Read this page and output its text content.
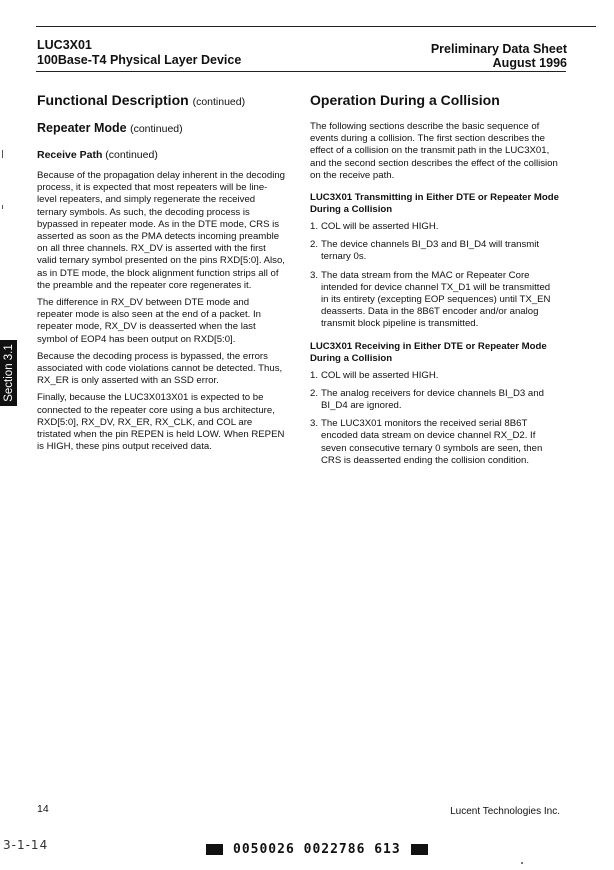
LUC3X01
100Base-T4 Physical Layer Device
Preliminary Data Sheet
August 1996
Section 3.1
Functional Description (continued)
Repeater Mode (continued)
Receive Path (continued)

Because of the propagation delay inherent in the decoding process, it is expected that most repeaters will be line-level repeaters, and simply regenerate the received ternary symbols. As such, the decoding process is bypassed in repeater mode. As in the DTE mode, CRS is asserted as soon as the PMA detects incoming preamble on all three channels. RX_DV is asserted with the first valid ternary symbol presented on the pins RXD[5:0]. Also, as in DTE mode, the block alignment function strips all of the preamble and the repeater core regenerates it.

The difference in RX_DV between DTE mode and repeater mode is also seen at the end of a packet. In repeater mode, RX_DV is deasserted when the last symbol of EOP4 has been output on RXD[5:0].

Because the decoding process is bypassed, the errors associated with code violations cannot be detected. Thus, RX_ER is only asserted with an SSD error.

Finally, because the LUC3X013X01 is expected to be connected to the repeater core using a bus architecture, RXD[5:0], RX_DV, RX_ER, RX_CLK, and COL are tristated when the pin REPEN is held LOW. When REPEN is HIGH, these pins output received data.

Operation During a Collision

The following sections describe the basic sequence of events during a collision. The first section describes the effect of a collision on the transmit path in the LUC3X01, and the second section describes the effect of the collision on the receive path.

LUC3X01 Transmitting in Either DTE or Repeater Mode During a Collision
1. COL will be asserted HIGH.
2. The device channels BI_D3 and BI_D4 will transmit ternary 0s.
3. The data stream from the MAC or Repeater Core intended for device channel TX_D1 will be transmitted in its entirety (excepting EOP sequences) until TX_EN deasserts. Data in the 8B6T encoder and/or analog transmit block pipeline is transmitted.
LUC3X01 Receiving in Either DTE or Repeater Mode During a Collision
1. COL will be asserted HIGH.
2. The analog receivers for device channels BI_D3 and BI_D4 are ignored.
3. The LUC3X01 monitors the received serial 8B6T encoded data stream on device channel RX_D2. If seven consecutive ternary 0 symbols are seen, then CRS is deasserted ending the collision condition.
14	Lucent Technologies Inc.
3-1-14	0050026 0022786 613
